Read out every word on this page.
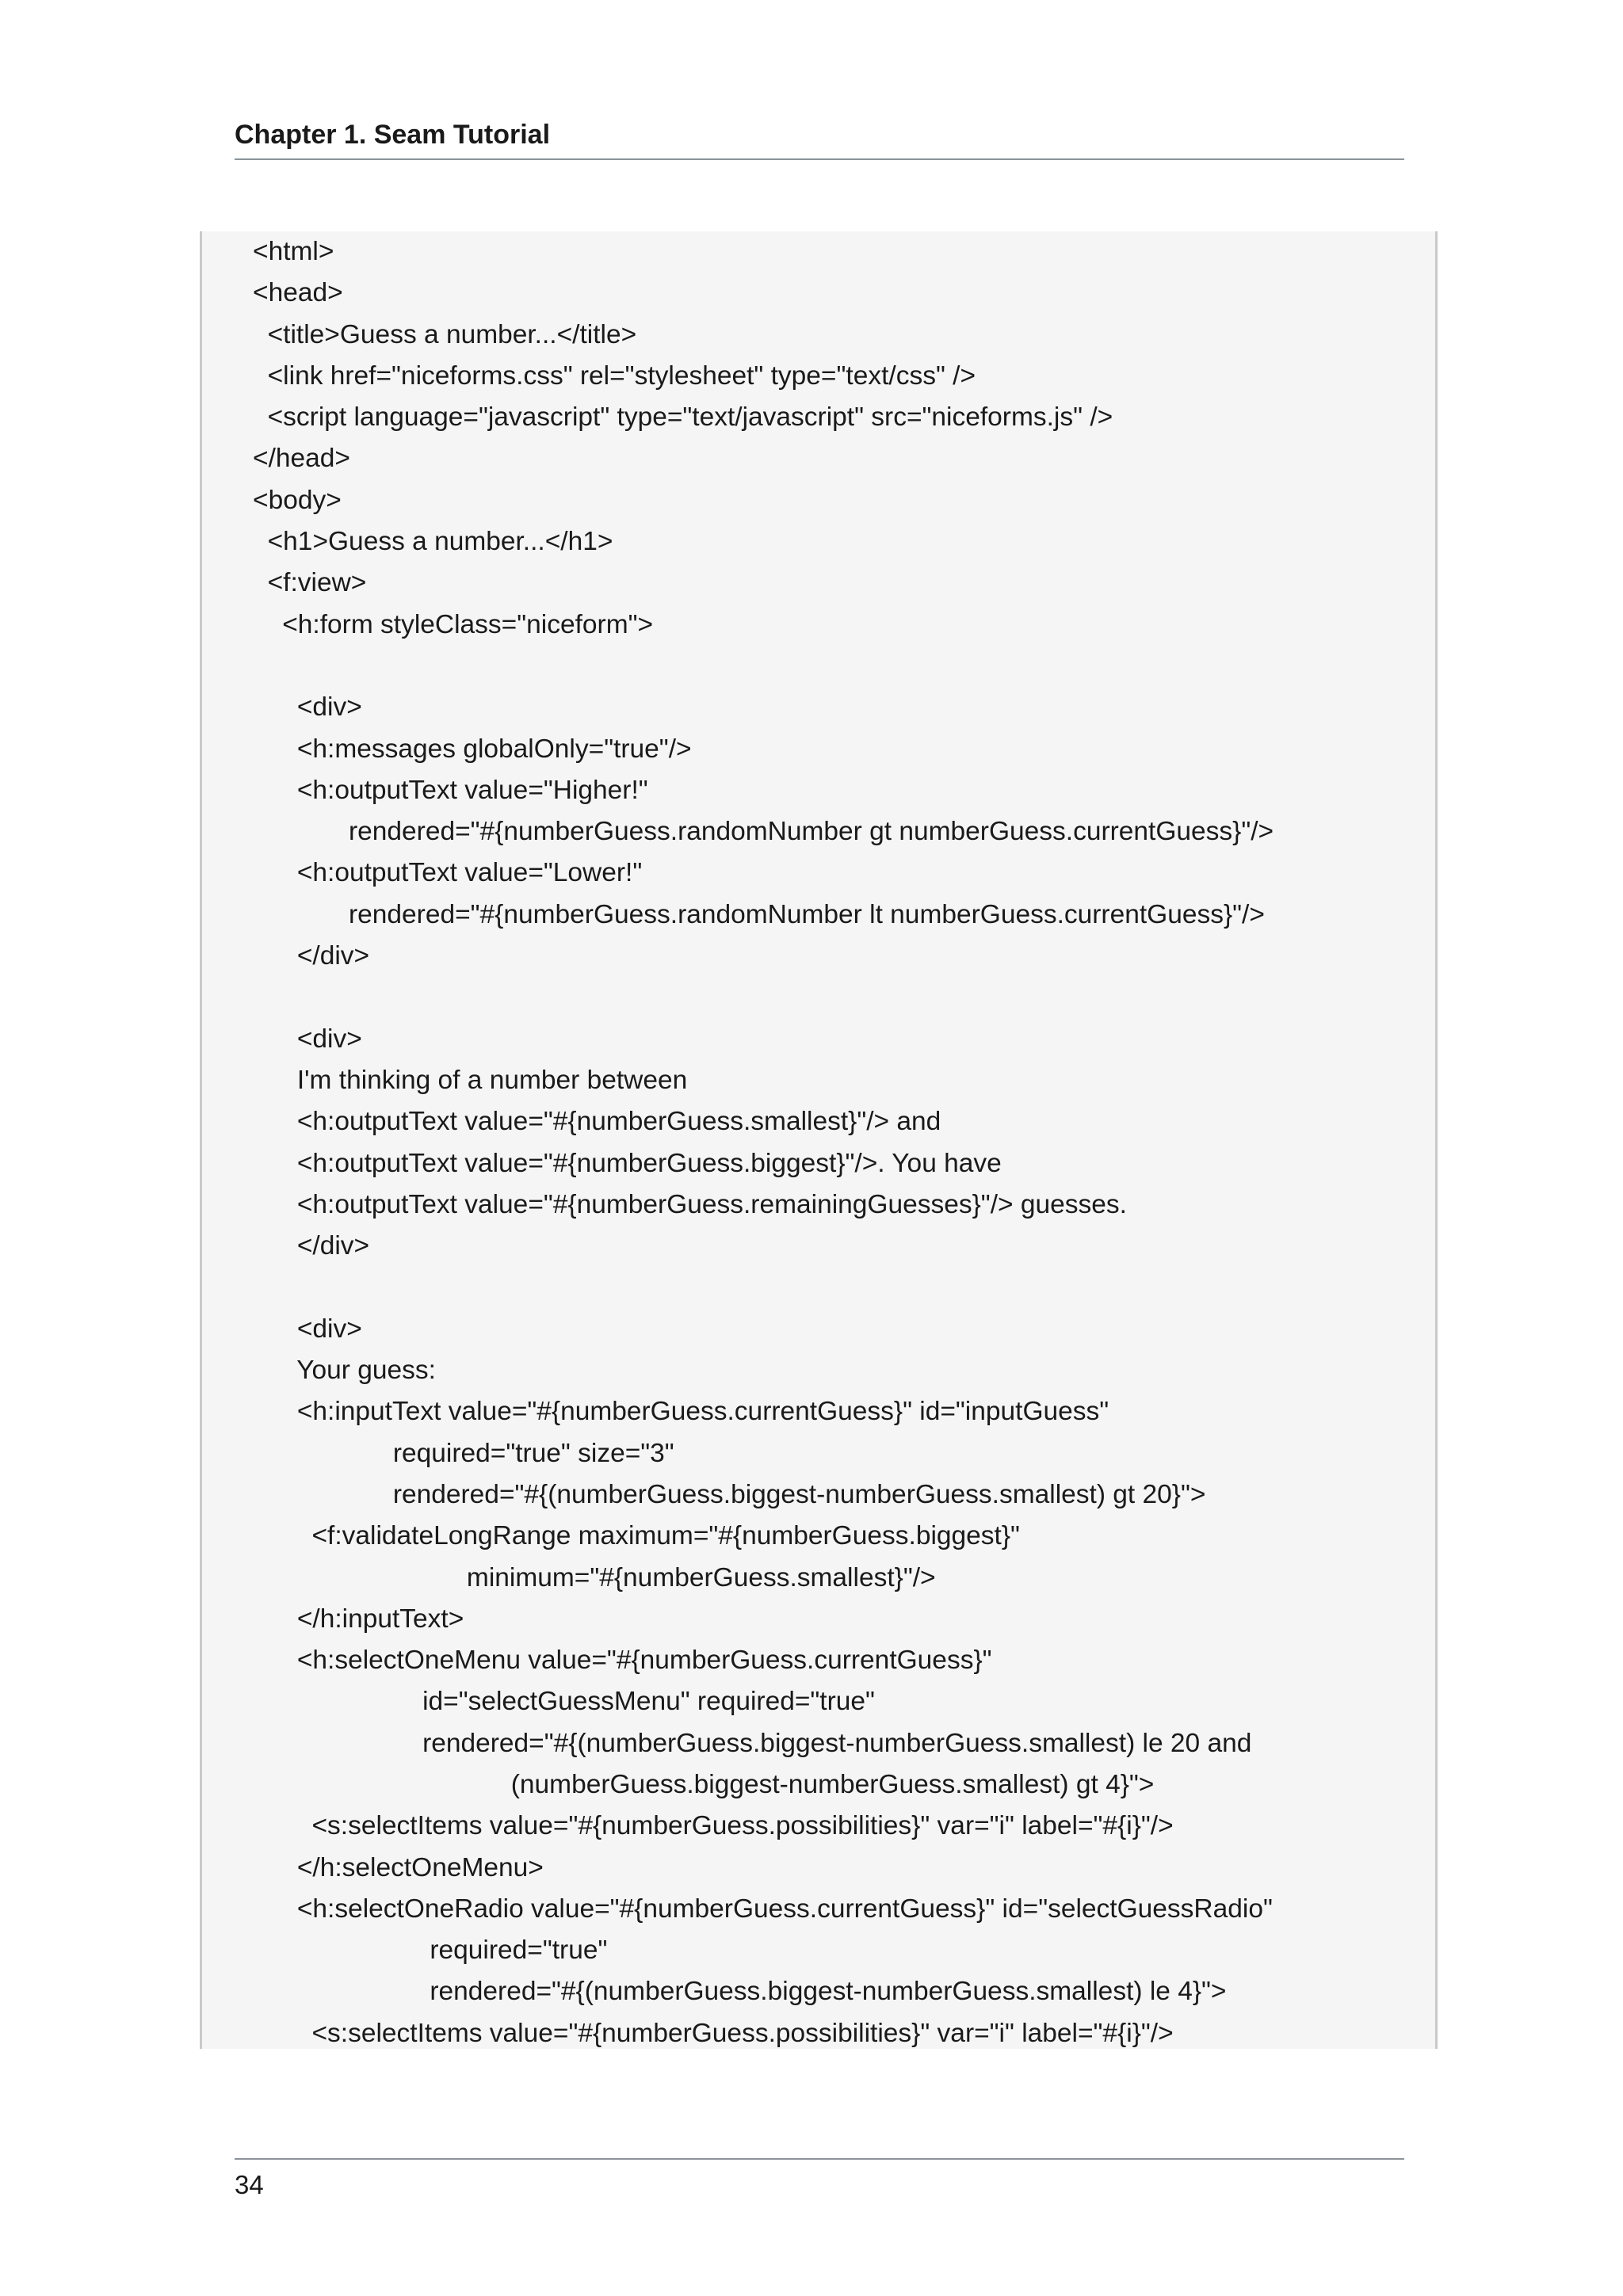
Chapter 1. Seam Tutorial
<html>
<head>
<title>Guess a number...</title>
<link href="niceforms.css" rel="stylesheet" type="text/css" />
<script language="javascript" type="text/javascript" src="niceforms.js" />
</head>
<body>
<h1>Guess a number...</h1>
<f:view>
<h:form styleClass="niceform">
<div>
<h:messages globalOnly="true"/>
<h:outputText value="Higher!"
rendered="#{numberGuess.randomNumber gt numberGuess.currentGuess}"/>
<h:outputText value="Lower!"
rendered="#{numberGuess.randomNumber lt numberGuess.currentGuess}"/>
</div>
<div>
I'm thinking of a number between
<h:outputText value="#{numberGuess.smallest}"/> and
<h:outputText value="#{numberGuess.biggest}"/>. You have
<h:outputText value="#{numberGuess.remainingGuesses}"/> guesses.
</div>
<div>
Your guess:
<h:inputText value="#{numberGuess.currentGuess}" id="inputGuess"
required="true" size="3"
rendered="#{(numberGuess.biggest-numberGuess.smallest) gt 20}">
<f:validateLongRange maximum="#{numberGuess.biggest}"
minimum="#{numberGuess.smallest}"/>
</h:inputText>
<h:selectOneMenu value="#{numberGuess.currentGuess}"
id="selectGuessMenu" required="true"
rendered="#{(numberGuess.biggest-numberGuess.smallest) le 20 and
(numberGuess.biggest-numberGuess.smallest) gt 4}">
<s:selectItems value="#{numberGuess.possibilities}" var="i" label="#{i}"/>
</h:selectOneMenu>
<h:selectOneRadio value="#{numberGuess.currentGuess}" id="selectGuessRadio"
required="true"
rendered="#{(numberGuess.biggest-numberGuess.smallest) le 4}">
<s:selectItems value="#{numberGuess.possibilities}" var="i" label="#{i}"/>
34
